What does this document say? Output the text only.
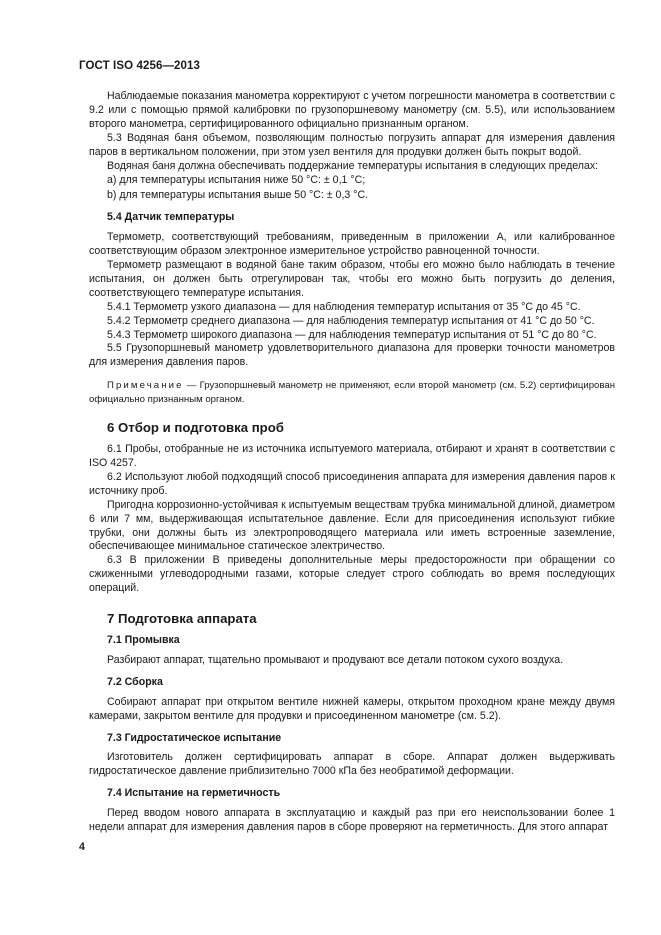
ГОСТ ISO 4256—2013

Наблюдаемые показания манометра корректируют с учетом погрешности манометра в соответствии с 9.2 или с помощью прямой калибровки по грузопоршневому манометру (см. 5.5), или использованием второго манометра, сертифицированного официально признанным органом.

5.3 Водяная баня объемом, позволяющим полностью погрузить аппарат для измерения давления паров в вертикальном положении, при этом узел вентиля для продувки должен быть покрыт водой.

Водяная баня должна обеспечивать поддержание температуры испытания в следующих пределах:

a) для температуры испытания ниже 50 °C: ± 0,1 °C;

b) для температуры испытания выше 50 °C: ± 0,3 °C.

5.4 Датчик температуры

Термометр, соответствующий требованиям, приведенным в приложении А, или калиброванное соответствующим образом электронное измерительное устройство равноценной точности.

Термометр размещают в водяной бане таким образом, чтобы его можно было наблюдать в течение испытания, он должен быть отрегулирован так, чтобы его можно быть погрузить до деления, соответствующего температуре испытания.

5.4.1 Термометр узкого диапазона — для наблюдения температур испытания от 35 °C до 45 °C.

5.4.2 Термометр среднего диапазона — для наблюдения температур испытания от 41 °C до 50 °C.

5.4.3 Термометр широкого диапазона — для наблюдения температур испытания от 51 °C до 80 °C.

5.5 Грузопоршневый манометр удовлетворительного диапазона для проверки точности манометров для измерения давления паров.

Примечание — Грузопоршневый манометр не применяют, если второй манометр (см. 5.2) сертифицирован официально признанным органом.

6 Отбор и подготовка проб

6.1 Пробы, отобранные не из источника испытуемого материала, отбирают и хранят в соответствии с ISO 4257.

6.2 Используют любой подходящий способ присоединения аппарата для измерения давления паров к источнику проб.

Пригодна коррозионно-устойчивая к испытуемым веществам трубка минимальной длиной, диаметром 6 или 7 мм, выдерживающая испытательное давление. Если для присоединения используют гибкие трубки, они должны быть из электропроводящего материала или иметь встроенные заземление, обеспечивающее минимальное статическое электричество.

6.3 В приложении В приведены дополнительные меры предосторожности при обращении со сжиженными углеводородными газами, которые следует строго соблюдать во время последующих операций.

7 Подготовка аппарата
7.1 Промывка

Разбирают аппарат, тщательно промывают и продувают все детали потоком сухого воздуха.

7.2 Сборка

Собирают аппарат при открытом вентиле нижней камеры, открытом проходном кране между двумя камерами, закрытом вентиле для продувки и присоединенном манометре (см. 5.2).

7.3 Гидростатическое испытание

Изготовитель должен сертифицировать аппарат в сборе. Аппарат должен выдерживать гидростатическое давление приблизительно 7000 кПа без необратимой деформации.

7.4 Испытание на герметичность

Перед вводом нового аппарата в эксплуатацию и каждый раз при его неиспользовании более 1 недели аппарат для измерения давления паров в сборе проверяют на герметичность. Для этого аппарат

4
